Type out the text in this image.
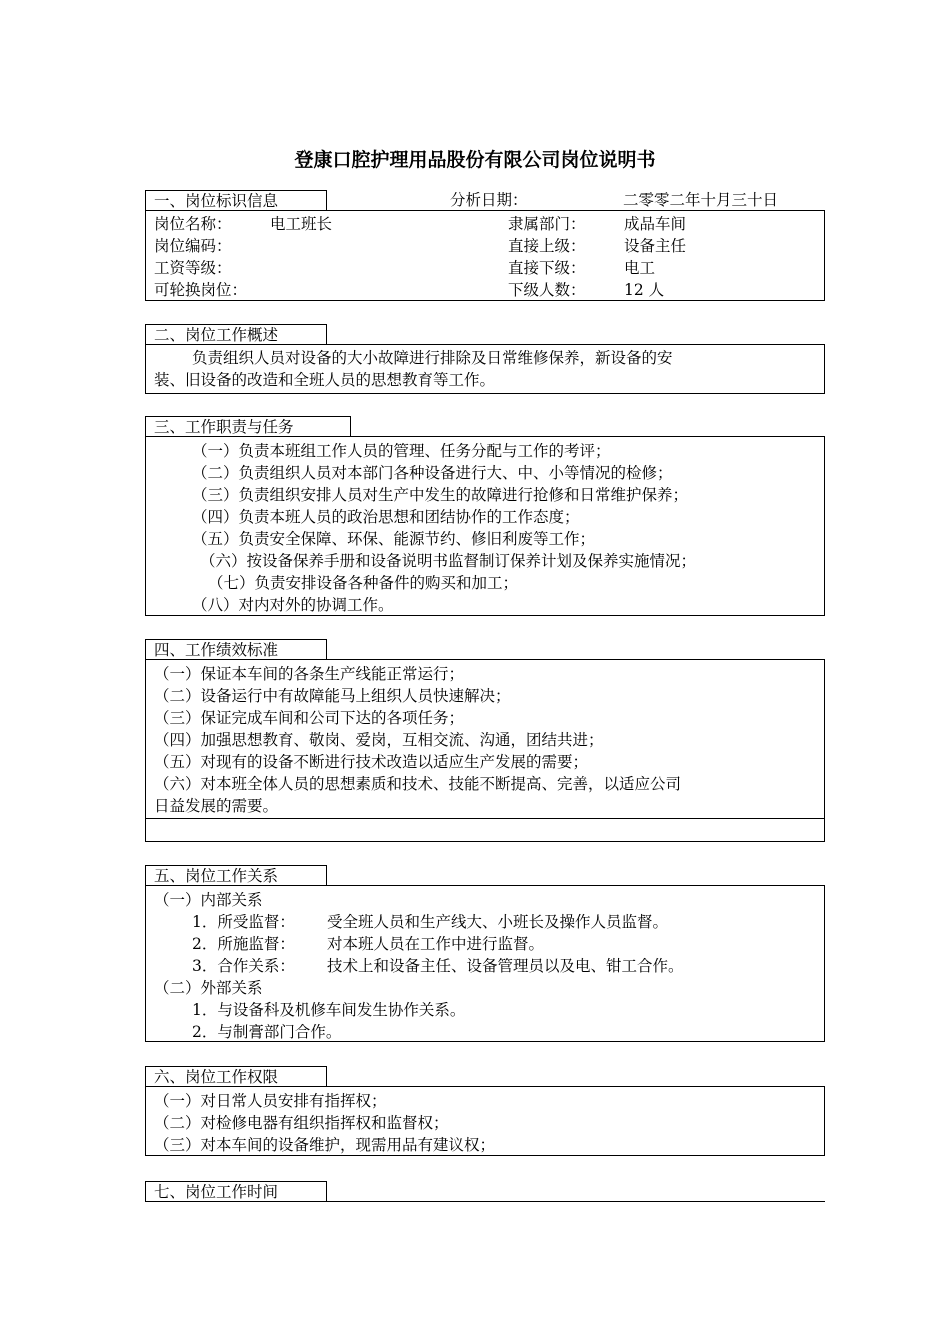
登康口腔护理用品股份有限公司岗位说明书
一、岗位标识信息	分析日期：	二零零二年十月三十日
岗位名称： 电工班长	隶属部门： 成品车间
岗位编码：	直接上级： 设备主任
工资等级：	直接下级： 电工
可轮换岗位：	下级人数： 12 人
二、岗位工作概述
负责组织人员对设备的大小故障进行排除及日常维修保养，新设备的安
装、旧设备的改造和全班人员的思想教育等工作。
三、工作职责与任务
（一）负责本班组工作人员的管理、任务分配与工作的考评；
（二）负责组织人员对本部门各种设备进行大、中、小等情况的检修；
（三）负责组织安排人员对生产中发生的故障进行抢修和日常维护保养；
（四）负责本班人员的政治思想和团结协作的工作态度；
（五）负责安全保障、环保、能源节约、修旧利废等工作；
（六）按设备保养手册和设备说明书监督制订保养计划及保养实施情况；
（七）负责安排设备各种备件的购买和加工；
（八）对内对外的协调工作。
四、工作绩效标准
（一）保证本车间的各条生产线能正常运行；
（二）设备运行中有故障能马上组织人员快速解决；
（三）保证完成车间和公司下达的各项任务；
（四）加强思想教育、敬岗、爱岗，互相交流、沟通，团结共进；
（五）对现有的设备不断进行技术改造以适应生产发展的需要；
（六）对本班全体人员的思想素质和技术、技能不断提高、完善，以适应公司
日益发展的需要。
五、岗位工作关系
（一）内部关系
1．所受监督： 受全班人员和生产线大、小班长及操作人员监督。
2．所施监督： 对本班人员在工作中进行监督。
3．合作关系： 技术上和设备主任、设备管理员以及电、钳工合作。
（二）外部关系
1．与设备科及机修车间发生协作关系。
2．与制膏部门合作。
六、岗位工作权限
（一）对日常人员安排有指挥权；
（二）对检修电器有组织指挥权和监督权；
（三）对本车间的设备维护，现需用品有建议权；
七、岗位工作时间
